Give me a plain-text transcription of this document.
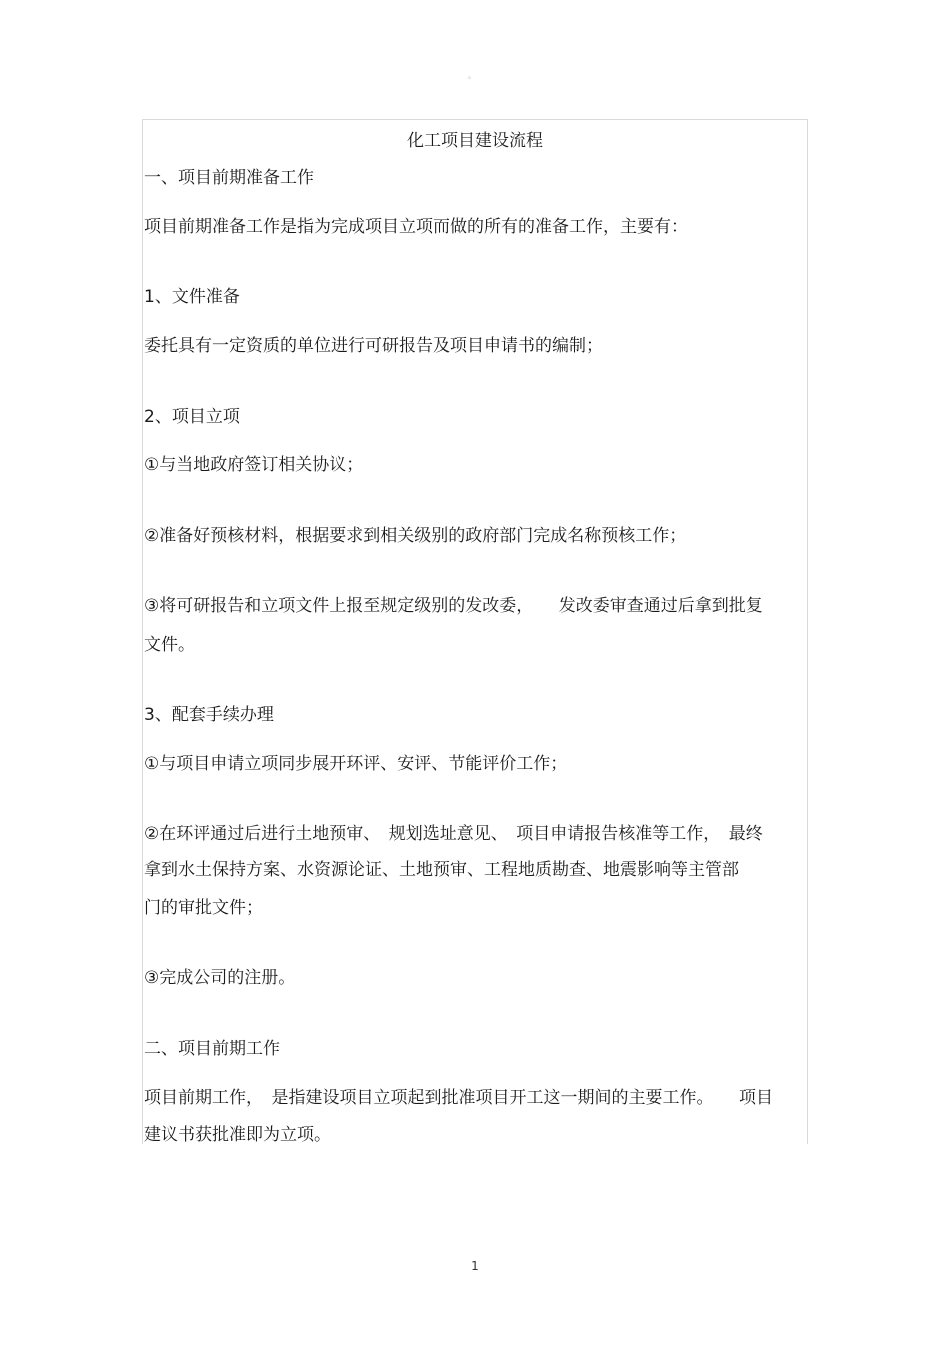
。
化工项目建设流程
一、项目前期准备工作
项目前期准备工作是指为完成项目立项而做的所有的准备工作，主要有：
1、文件准备
委托具有一定资质的单位进行可研报告及项目申请书的编制；
2、项目立项
①与当地政府签订相关协议；
②准备好预核材料，根据要求到相关级别的政府部门完成名称预核工作；
③将可研报告和立项文件上报至规定级别的发改委，　　发改委审查通过后拿到批复
文件。
3、配套手续办理
①与项目申请立项同步展开环评、安评、节能评价工作；
②在环评通过后进行土地预审、　规划选址意见、　项目申请报告核准等工作，　最终
拿到水土保持方案、水资源论证、土地预审、工程地质勘查、地震影响等主管部
门的审批文件；
③完成公司的注册。
二、项目前期工作
项目前期工作，　是指建设项目立项起到批准项目开工这一期间的主要工作。　　项目
建议书获批准即为立项。
1
